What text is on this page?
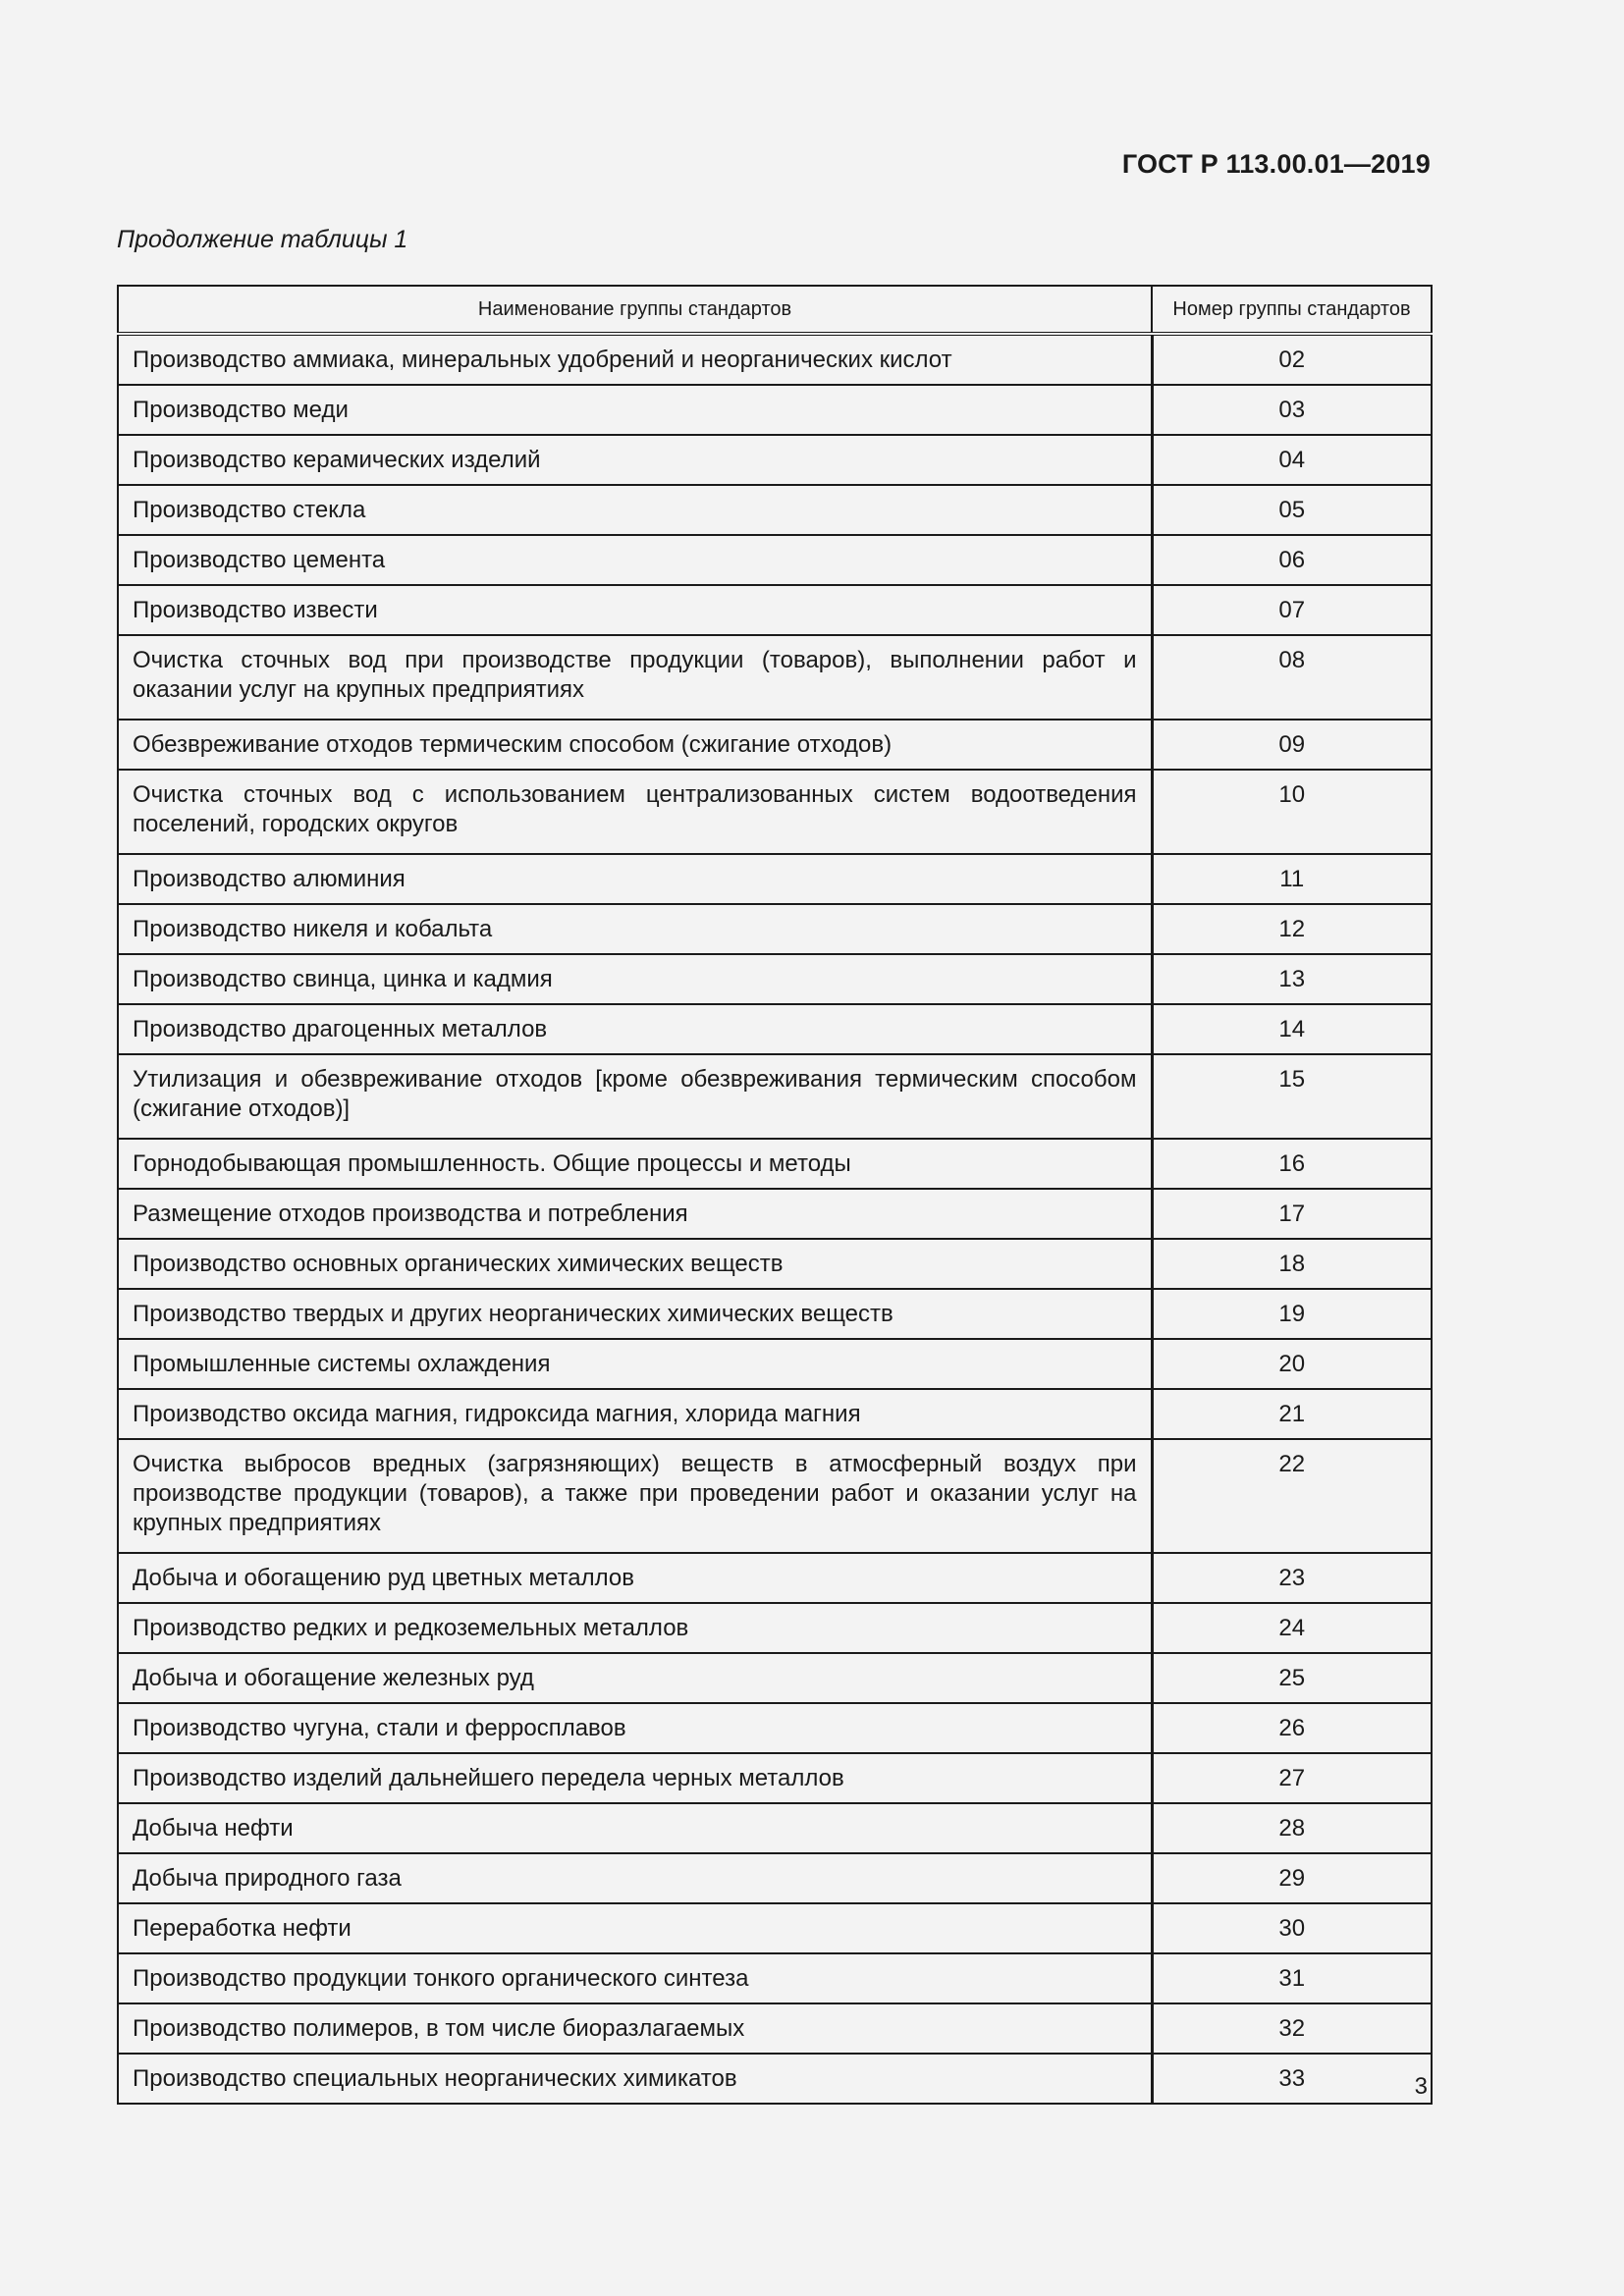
ГОСТ Р 113.00.01—2019
Продолжение таблицы 1
Наименование группы стандартов	Номер группы стандартов
Производство аммиака, минеральных удобрений и неорганических кислот	02
Производство меди	03
Производство керамических изделий	04
Производство стекла	05
Производство цемента	06
Производство извести	07
Очистка сточных вод при производстве продукции (товаров), выполнении работ и оказании услуг на крупных предприятиях	08
Обезвреживание отходов термическим способом (сжигание отходов)	09
Очистка сточных вод с использованием централизованных систем водоотведения поселений, городских округов	10
Производство алюминия	11
Производство никеля и кобальта	12
Производство свинца, цинка и кадмия	13
Производство драгоценных металлов	14
Утилизация и обезвреживание отходов [кроме обезвреживания термическим способом (сжигание отходов)]	15
Горнодобывающая промышленность. Общие процессы и методы	16
Размещение отходов производства и потребления	17
Производство основных органических химических веществ	18
Производство твердых и других неорганических химических веществ	19
Промышленные системы охлаждения	20
Производство оксида магния, гидроксида магния, хлорида магния	21
Очистка выбросов вредных (загрязняющих) веществ в атмосферный воздух при производстве продукции (товаров), а также при проведении работ и оказании услуг на крупных предприятиях	22
Добыча и обогащению руд цветных металлов	23
Производство редких и редкоземельных металлов	24
Добыча и обогащение железных руд	25
Производство чугуна, стали и ферросплавов	26
Производство изделий дальнейшего передела черных металлов	27
Добыча нефти	28
Добыча природного газа	29
Переработка нефти	30
Производство продукции тонкого органического синтеза	31
Производство полимеров, в том числе биоразлагаемых	32
Производство специальных неорганических химикатов	33	3
